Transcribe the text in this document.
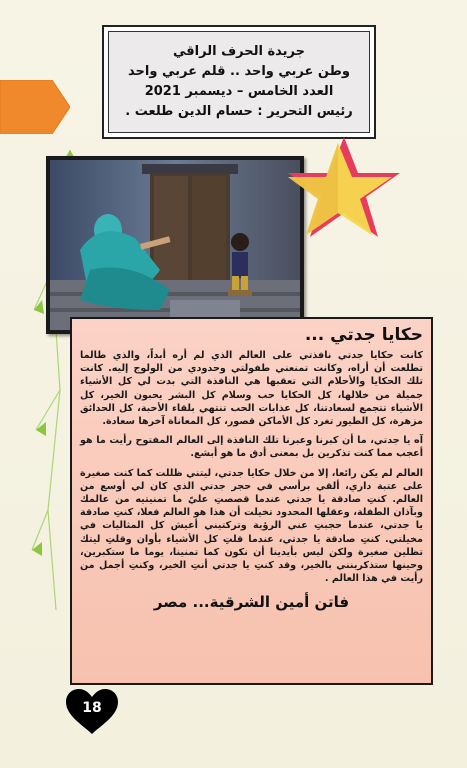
جريدة الحرف الراقي
وطن عربي واحد .. قلم عربي واحد
العدد الخامس – ديسمبر 2021
رئيس التحرير : حسام الدين طلعت .
حكايا جدتي ...

كانت حكايا جدتي نافذتي على العالم الذي لم أره أبداً، والذي طالما تطلعت أن أراه، وكانت تمنعني طفولتي وحدودي من الولوج إليه. كانت تلك الحكايا والأحلام التي تعقبها هي النافذة التي بدت لي كل الأشياء جميلة من خلالها، كل الحكايا حب وسلام كل البشر يحبون الخير، كل الأشياء تتجمع لسعادتنا، كل عذابات الحب تنتهي بلقاء الأحبة، كل الحدائق مزهرة، كل الطيور تغرد كل الأماكن قصور، كل المعاناة آخرها سعادة.

آه يا جدتي، ما أن كبرنا وعبرنا تلك النافذة إلى العالم المفتوح رأيت ما هو أعجب مما كنت تذكرين بل بمعنى أدق ما هو أبشع.

العالم لم يكن رائعا، إلا من خلال حكايا جدتي، ليتني ظللت كما كنت صغيرة على عتبة داري، ألقي برأسي في حجر جدتي الذي كان لي أوسع من العالم. كنتِ صادقة يا جدتي عندما قصصتِ عليّ ما تمنيتيه من عالمك وبآذان الطفلة، وعقلها المحدود تخيلت أن هذا هو العالم فعلا، كنتِ صادقة يا جدتي، عندما حجبتِ عني الرؤية وتركتيني أعيش كل المثاليات في مخيلتي. كنتِ صادقة يا جدتي، عندما قلتِ كل الأشياء بأوان وقلتِ ليتك تظلين صغيرة ولكن ليس بأيدينا أن نكون كما تمنينا، يوما ما ستكبرين، وحينها ستذكرينني بالخير، وقد كنتِ يا جدتي أنتِ الخير، وكنتِ أجمل من رأيت في هذا العالم .

فاتن أمين الشرقية... مصر
18
